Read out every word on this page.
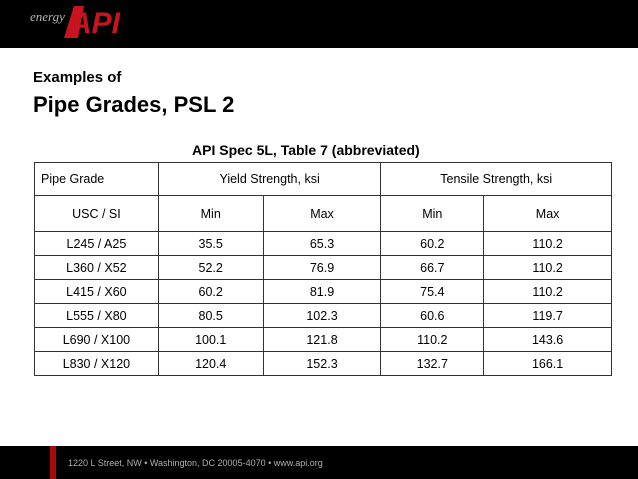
energy API
Examples of
Pipe Grades, PSL 2
API Spec 5L, Table 7 (abbreviated)
Pipe Grade	Yield Strength, ksi		Tensile Strength, ksi	
USC / SI	Min	Max	Min	Max
L245 / A25	35.5	65.3	60.2	110.2
L360 / X52	52.2	76.9	66.7	110.2
L415 / X60	60.2	81.9	75.4	110.2
L555 / X80	80.5	102.3	60.6	119.7
L690 / X100	100.1	121.8	110.2	143.6
L830 / X120	120.4	152.3	132.7	166.1
1220 L Street, NW • Washington, DC 20005-4070 • www.api.org
